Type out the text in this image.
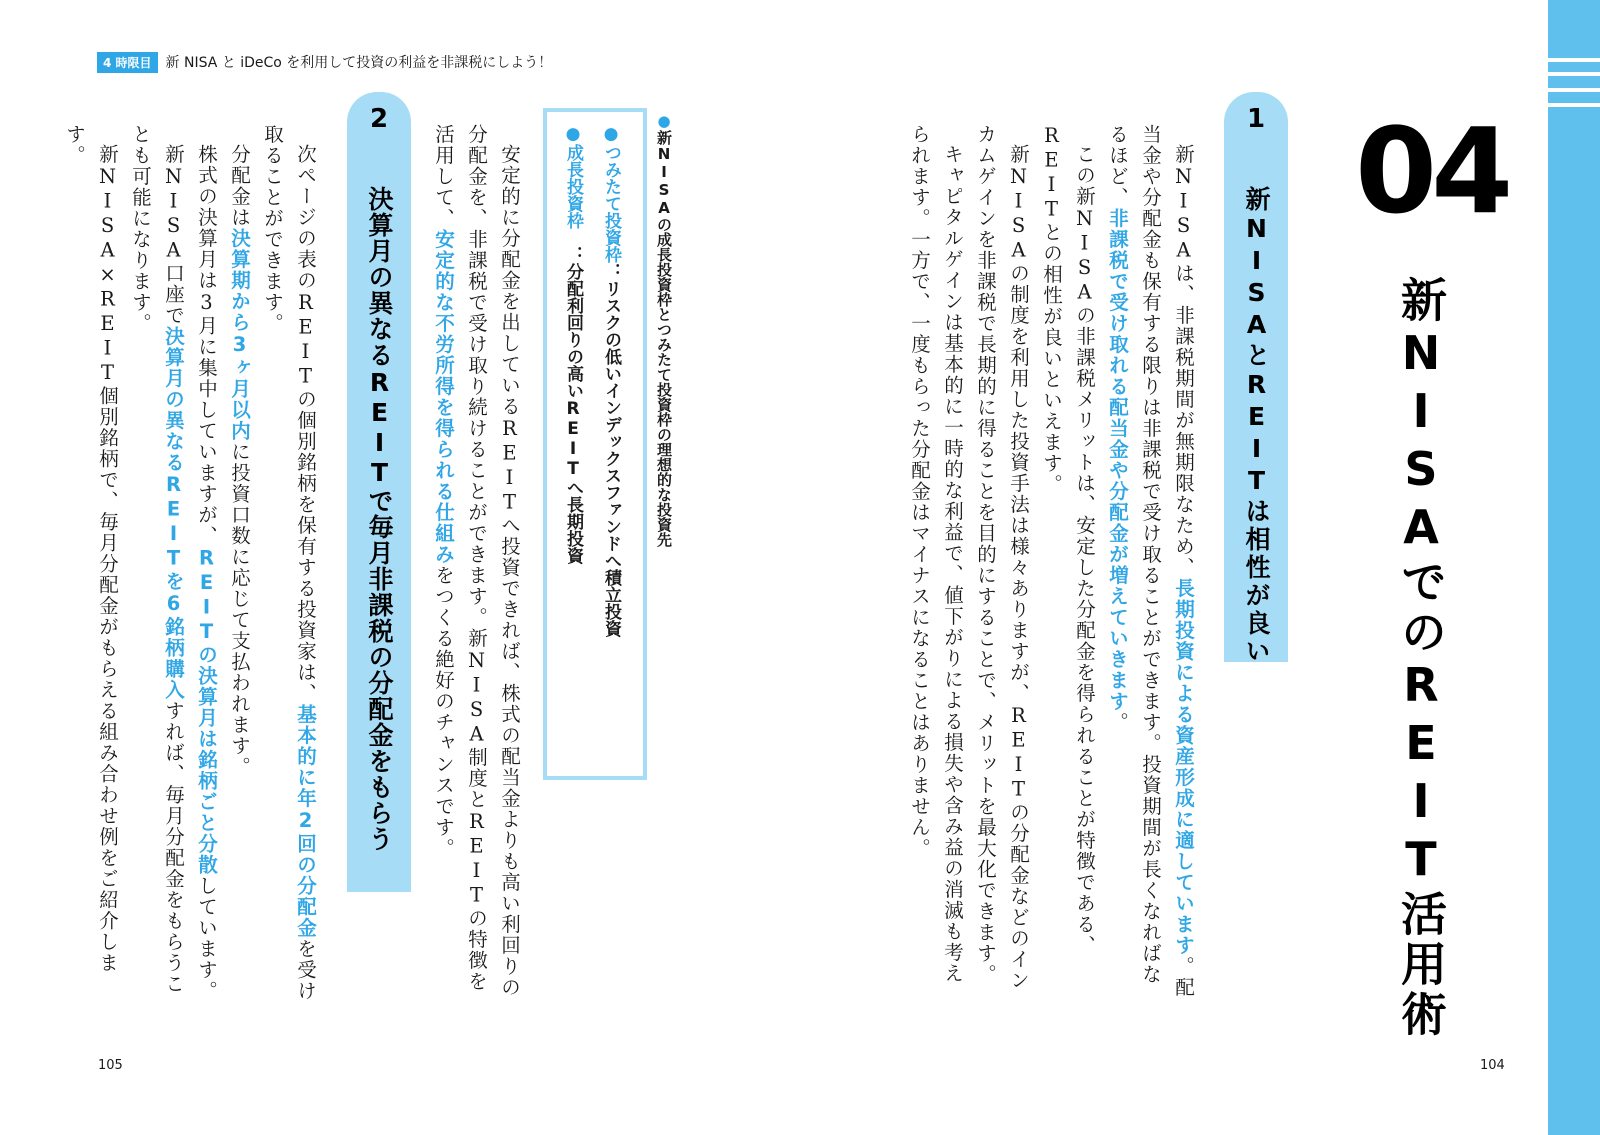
4 時限目	新 NISA と iDeCo を利用して投資の利益を非課税にしよう！
04
新NISAでのREIT活用術
1
新NISAとREITは相性が良い
新NISAは、非課税期間が無期限なため、長期投資による資産形成に適しています。配当金や分配金も保有する限りは非課税で受け取ることができます。投資期間が長くなればなるほど、非課税で受け取れる配当金や分配金が増えていきます。
この新NISAの非課税メリットは、安定した分配金を得られることが特徴である、REITとの相性が良いといえます。
新NISAの制度を利用した投資手法は様々ありますが、REITの分配金などのインカムゲインを非課税で長期的に得ることを目的にすることで、メリットを最大化できます。
キャピタルゲインは基本的に一時的な利益で、値下がりによる損失や含み益の消滅も考えられます。一方で、一度もらった分配金はマイナスになることはありません。
2
決算月の異なるREITで毎月非課税の分配金をもらう
●新NISAの成長投資枠とつみたて投資枠の理想的な投資先
●つみたて投資枠：リスクの低いインデックスファンドへ積立投資
●成長投資枠　：分配利回りの高いREITへ長期投資
安定的に分配金を出しているREITへ投資できれば、株式の配当金よりも高い利回りの分配金を、非課税で受け取り続けることができます。新NISA制度とREITの特徴を活用して、安定的な不労所得を得られる仕組みをつくる絶好のチャンスです。
次ページの表のREITの個別銘柄を保有する投資家は、基本的に年2回の分配金を受け取ることができます。
分配金は決算期から3ヶ月以内に投資口数に応じて支払われます。
株式の決算月は3月に集中していますが、REITの決算月は銘柄ごと分散しています。
新NISA口座で決算月の異なるREITを6銘柄購入すれば、毎月分配金をもらうことも可能になります。
新NISA×REIT個別銘柄で、毎月分配金がもらえる組み合わせ例をご紹介します。
105	104
